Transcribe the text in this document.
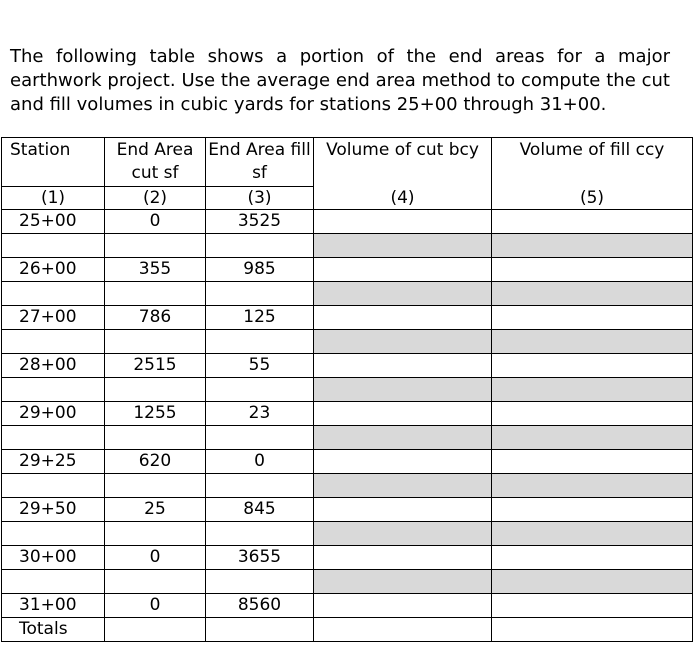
The following table shows a portion of the end areas for a major earthwork project. Use the average end area method to compute the cut and fill volumes in cubic yards for stations 25+00 through 31+00.
Station	End Area cut sf	End Area fill sf	Volume of cut bcy	Volume of fill ccy
(1)	(2)	(3)	(4)	(5)
25+00	0	3525		

26+00	355	985		

27+00	786	125		

28+00	2515	55		

29+00	1255	23		

29+25	620	0		

29+50	25	845		

30+00	0	3655		

31+00	0	8560		
Totals				
